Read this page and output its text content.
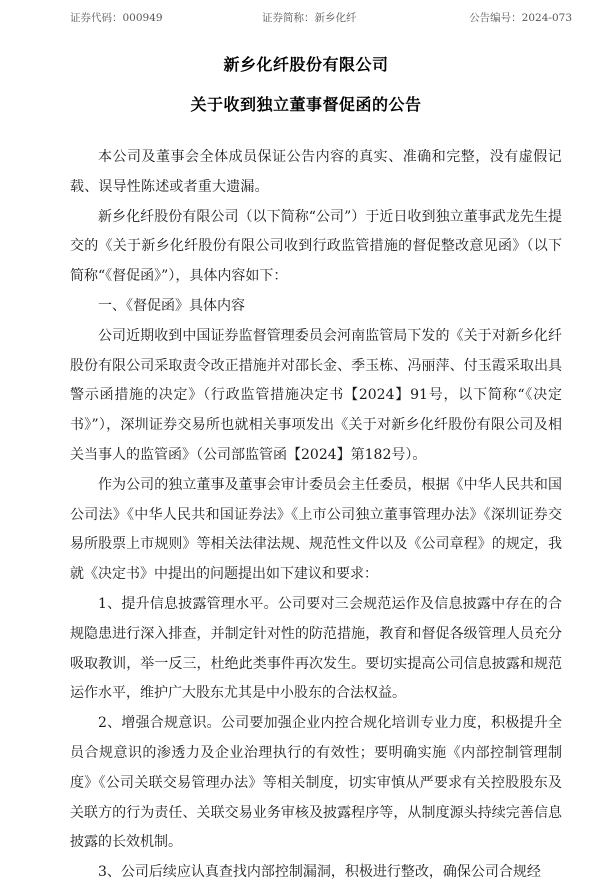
证券代码：000949	证券简称：新乡化纤	公告编号：2024-073
新乡化纤股份有限公司
关于收到独立董事督促函的公告

本公司及董事会全体成员保证公告内容的真实、准确和完整，没有虚假记载、误导性陈述或者重大遗漏。

新乡化纤股份有限公司（以下简称“公司”）于近日收到独立董事武龙先生提交的《关于新乡化纤股份有限公司收到行政监管措施的督促整改意见函》（以下简称“《督促函》”），具体内容如下：

一、《督促函》具体内容

公司近期收到中国证券监督管理委员会河南监管局下发的《关于对新乡化纤股份有限公司采取责令改正措施并对邵长金、季玉栋、冯丽萍、付玉霞采取出具警示函措施的决定》（行政监管措施决定书【2024】91号，以下简称“《决定书》”），深圳证券交易所也就相关事项发出《关于对新乡化纤股份有限公司及相关当事人的监管函》（公司部监管函【2024】第182号）。

作为公司的独立董事及董事会审计委员会主任委员，根据《中华人民共和国公司法》《中华人民共和国证券法》《上市公司独立董事管理办法》《深圳证券交易所股票上市规则》等相关法律法规、规范性文件以及《公司章程》的规定，我就《决定书》中提出的问题提出如下建议和要求：

1、提升信息披露管理水平。公司要对三会规范运作及信息披露中存在的合规隐患进行深入排查，并制定针对性的防范措施，教育和督促各级管理人员充分吸取教训，举一反三，杜绝此类事件再次发生。要切实提高公司信息披露和规范运作水平，维护广大股东尤其是中小股东的合法权益。

2、增强合规意识。公司要加强企业内控合规化培训专业力度，积极提升全员合规意识的渗透力及企业治理执行的有效性；要明确实施《内部控制管理制度》《公司关联交易管理办法》等相关制度，切实审慎从严要求有关控股股东及关联方的行为责任、关联交易业务审核及披露程序等，从制度源头持续完善信息披露的长效机制。

3、公司后续应认真查找内部控制漏洞，积极进行整改，确保公司合规经
